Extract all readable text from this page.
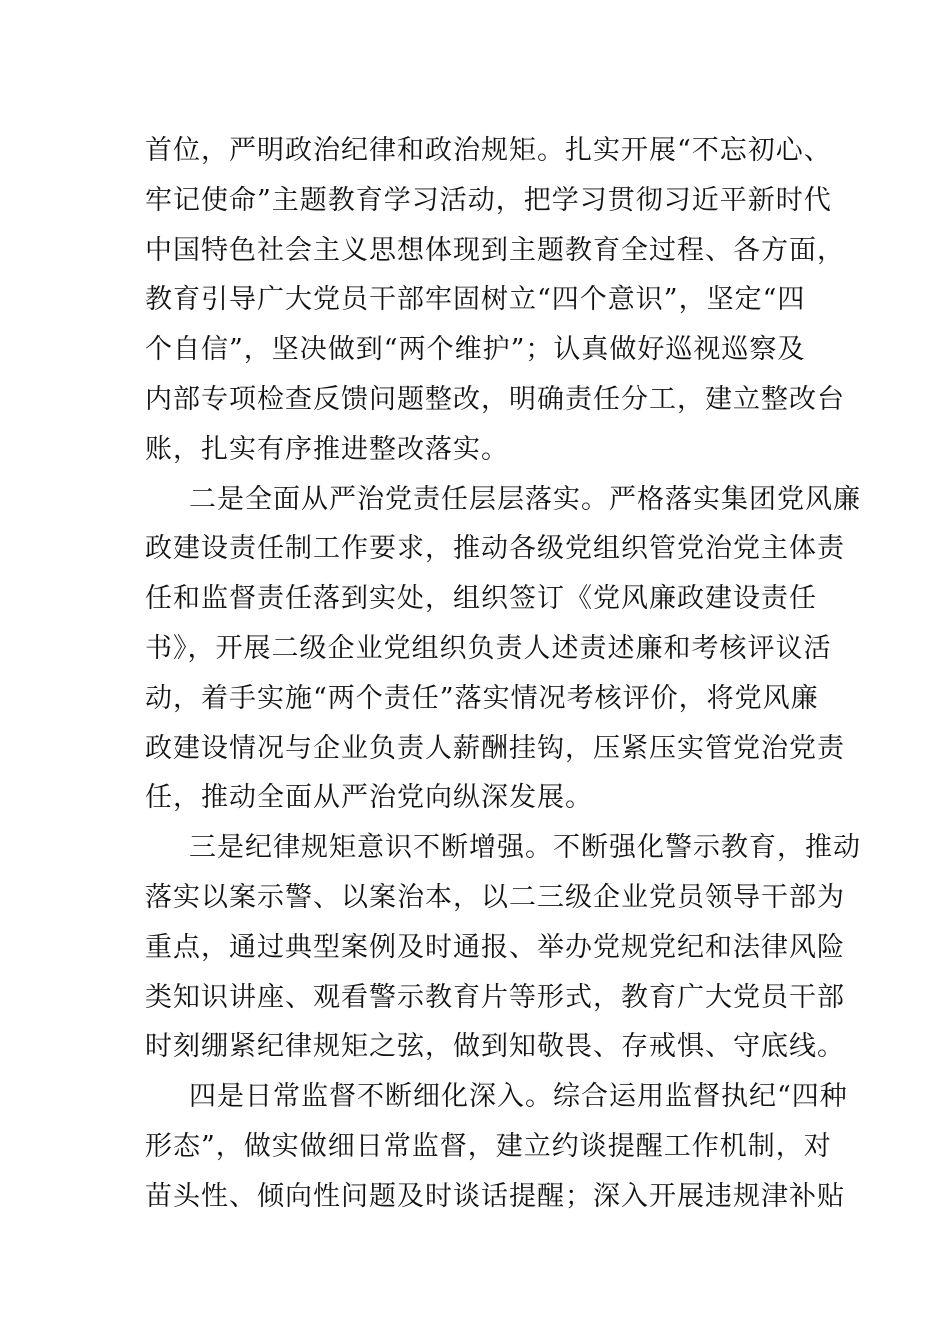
首位，严明政治纪律和政治规矩。扎实开展“不忘初心、
牢记使命”主题教育学习活动，把学习贯彻习近平新时代
中国特色社会主义思想体现到主题教育全过程、各方面，
教育引导广大党员干部牢固树立“四个意识”，坚定“四
个自信”，坚决做到“两个维护”；认真做好巡视巡察及
内部专项检查反馈问题整改，明确责任分工，建立整改台
账，扎实有序推进整改落实。
二是全面从严治党责任层层落实。严格落实集团党风廉
政建设责任制工作要求，推动各级党组织管党治党主体责
任和监督责任落到实处，组织签订《党风廉政建设责任
书》，开展二级企业党组织负责人述责述廉和考核评议活
动，着手实施“两个责任”落实情况考核评价，将党风廉
政建设情况与企业负责人薪酬挂钩，压紧压实管党治党责
任，推动全面从严治党向纵深发展。
三是纪律规矩意识不断增强。不断强化警示教育，推动
落实以案示警、以案治本，以二三级企业党员领导干部为
重点，通过典型案例及时通报、举办党规党纪和法律风险
类知识讲座、观看警示教育片等形式，教育广大党员干部
时刻绷紧纪律规矩之弦，做到知敬畏、存戒惧、守底线。
四是日常监督不断细化深入。综合运用监督执纪“四种
形态”，做实做细日常监督，建立约谈提醒工作机制，对
苗头性、倾向性问题及时谈话提醒；深入开展违规津补贴
